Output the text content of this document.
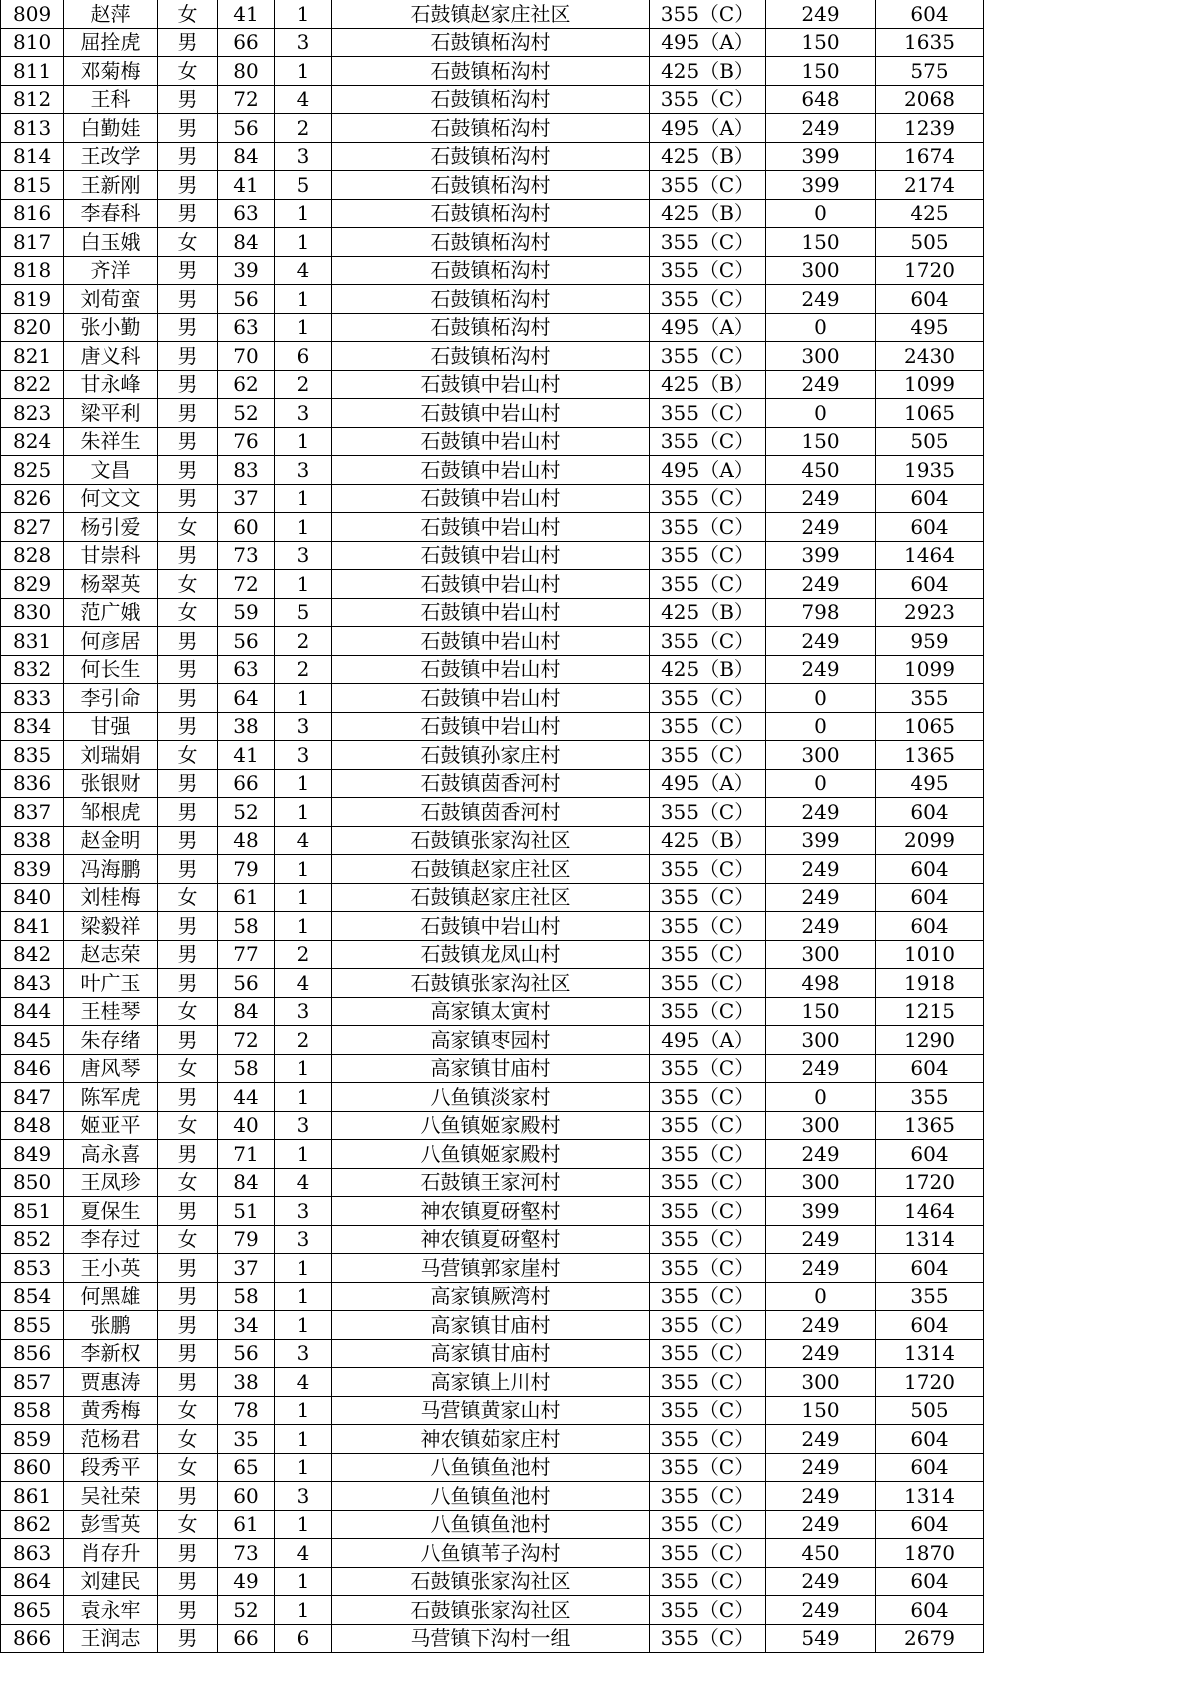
809	赵萍	女	41	1	石鼓镇赵家庄社区	355（C）	249	604
810	屈拴虎	男	66	3	石鼓镇柘沟村	495（A）	150	1635
811	邓菊梅	女	80	1	石鼓镇柘沟村	425（B）	150	575
812	王科	男	72	4	石鼓镇柘沟村	355（C）	648	2068
813	白勤娃	男	56	2	石鼓镇柘沟村	495（A）	249	1239
814	王改学	男	84	3	石鼓镇柘沟村	425（B）	399	1674
815	王新刚	男	41	5	石鼓镇柘沟村	355（C）	399	2174
816	李春科	男	63	1	石鼓镇柘沟村	425（B）	0	425
817	白玉娥	女	84	1	石鼓镇柘沟村	355（C）	150	505
818	齐洋	男	39	4	石鼓镇柘沟村	355（C）	300	1720
819	刘荀蛮	男	56	1	石鼓镇柘沟村	355（C）	249	604
820	张小勤	男	63	1	石鼓镇柘沟村	495（A）	0	495
821	唐义科	男	70	6	石鼓镇柘沟村	355（C）	300	2430
822	甘永峰	男	62	2	石鼓镇中岩山村	425（B）	249	1099
823	梁平利	男	52	3	石鼓镇中岩山村	355（C）	0	1065
824	朱祥生	男	76	1	石鼓镇中岩山村	355（C）	150	505
825	文昌	男	83	3	石鼓镇中岩山村	495（A）	450	1935
826	何文文	男	37	1	石鼓镇中岩山村	355（C）	249	604
827	杨引爱	女	60	1	石鼓镇中岩山村	355（C）	249	604
828	甘崇科	男	73	3	石鼓镇中岩山村	355（C）	399	1464
829	杨翠英	女	72	1	石鼓镇中岩山村	355（C）	249	604
830	范广娥	女	59	5	石鼓镇中岩山村	425（B）	798	2923
831	何彦居	男	56	2	石鼓镇中岩山村	355（C）	249	959
832	何长生	男	63	2	石鼓镇中岩山村	425（B）	249	1099
833	李引命	男	64	1	石鼓镇中岩山村	355（C）	0	355
834	甘强	男	38	3	石鼓镇中岩山村	355（C）	0	1065
835	刘瑞娟	女	41	3	石鼓镇孙家庄村	355（C）	300	1365
836	张银财	男	66	1	石鼓镇茵香河村	495（A）	0	495
837	邹根虎	男	52	1	石鼓镇茵香河村	355（C）	249	604
838	赵金明	男	48	4	石鼓镇张家沟社区	425（B）	399	2099
839	冯海鹏	男	79	1	石鼓镇赵家庄社区	355（C）	249	604
840	刘桂梅	女	61	1	石鼓镇赵家庄社区	355（C）	249	604
841	梁毅祥	男	58	1	石鼓镇中岩山村	355（C）	249	604
842	赵志荣	男	77	2	石鼓镇龙凤山村	355（C）	300	1010
843	叶广玉	男	56	4	石鼓镇张家沟社区	355（C）	498	1918
844	王桂琴	女	84	3	高家镇太寅村	355（C）	150	1215
845	朱存绪	男	72	2	高家镇枣园村	495（A）	300	1290
846	唐风琴	女	58	1	高家镇甘庙村	355（C）	249	604
847	陈军虎	男	44	1	八鱼镇淡家村	355（C）	0	355
848	姬亚平	女	40	3	八鱼镇姬家殿村	355（C）	300	1365
849	高永喜	男	71	1	八鱼镇姬家殿村	355（C）	249	604
850	王凤珍	女	84	4	石鼓镇王家河村	355（C）	300	1720
851	夏保生	男	51	3	神农镇夏砑壑村	355（C）	399	1464
852	李存过	女	79	3	神农镇夏砑壑村	355（C）	249	1314
853	王小英	男	37	1	马营镇郭家崖村	355（C）	249	604
854	何黑雄	男	58	1	高家镇厥湾村	355（C）	0	355
855	张鹏	男	34	1	高家镇甘庙村	355（C）	249	604
856	李新权	男	56	3	高家镇甘庙村	355（C）	249	1314
857	贾惠涛	男	38	4	高家镇上川村	355（C）	300	1720
858	黄秀梅	女	78	1	马营镇黄家山村	355（C）	150	505
859	范杨君	女	35	1	神农镇茹家庄村	355（C）	249	604
860	段秀平	女	65	1	八鱼镇鱼池村	355（C）	249	604
861	吴社荣	男	60	3	八鱼镇鱼池村	355（C）	249	1314
862	彭雪英	女	61	1	八鱼镇鱼池村	355（C）	249	604
863	肖存升	男	73	4	八鱼镇苇子沟村	355（C）	450	1870
864	刘建民	男	49	1	石鼓镇张家沟社区	355（C）	249	604
865	袁永牢	男	52	1	石鼓镇张家沟社区	355（C）	249	604
866	王润志	男	66	6	马营镇下沟村一组	355（C）	549	2679
